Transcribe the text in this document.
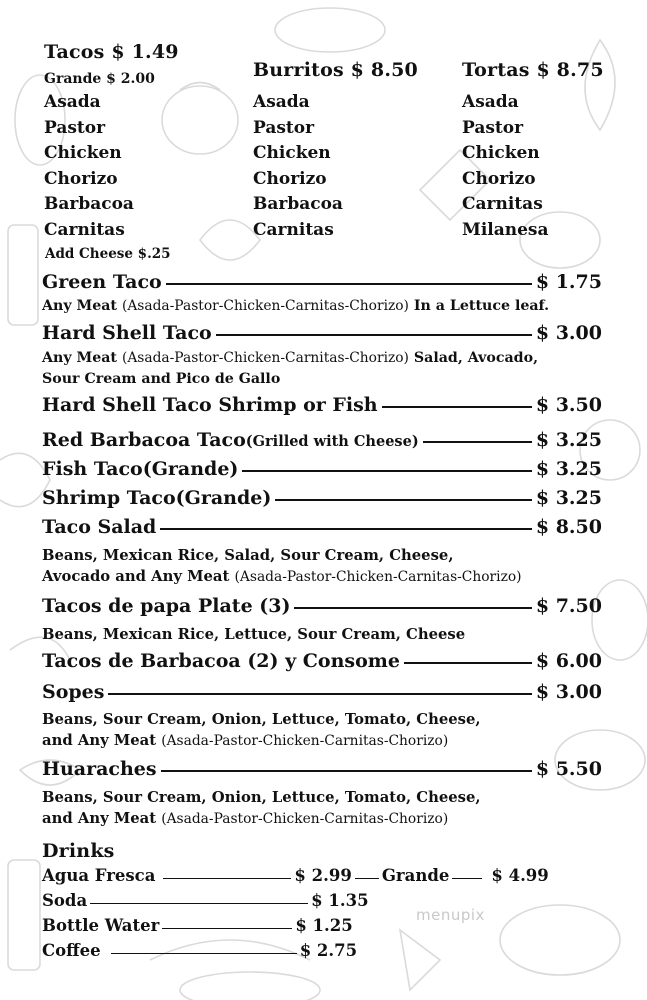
Tacos $ 1.49
Grande $ 2.00
Asada
Pastor
Chicken
Chorizo
Barbacoa
Carnitas
Add Cheese $.25
Burritos $ 8.50
Asada
Pastor
Chicken
Chorizo
Barbacoa
Carnitas
Tortas $ 8.75
Asada
Pastor
Chicken
Chorizo
Carnitas
Milanesa
Green Taco	$ 1.75
Any Meat (Asada-Pastor-Chicken-Carnitas-Chorizo) In a Lettuce leaf.
Hard Shell Taco	$ 3.00
Any Meat (Asada-Pastor-Chicken-Carnitas-Chorizo) Salad, Avocado,
Sour Cream and Pico de Gallo
Hard Shell Taco Shrimp or Fish	$ 3.50
Red Barbacoa Taco(Grilled with Cheese)	$ 3.25
Fish Taco(Grande)	$ 3.25
Shrimp Taco(Grande)	$ 3.25
Taco Salad	$ 8.50
Beans, Mexican Rice, Salad, Sour Cream, Cheese,
Avocado and Any Meat (Asada-Pastor-Chicken-Carnitas-Chorizo)
Tacos de papa Plate (3)	$ 7.50
Beans, Mexican Rice, Lettuce, Sour Cream, Cheese
Tacos de Barbacoa (2) y Consome	$ 6.00
Sopes	$ 3.00
Beans, Sour Cream, Onion, Lettuce, Tomato, Cheese,
and Any Meat (Asada-Pastor-Chicken-Carnitas-Chorizo)
Huaraches	$ 5.50
Beans, Sour Cream, Onion, Lettuce, Tomato, Cheese,
and Any Meat (Asada-Pastor-Chicken-Carnitas-Chorizo)
Drinks
Agua Fresca	$ 2.99 Grande	$ 4.99
Soda	$ 1.35
Bottle Water	$ 1.25
Coffee	$ 2.75
menupix
